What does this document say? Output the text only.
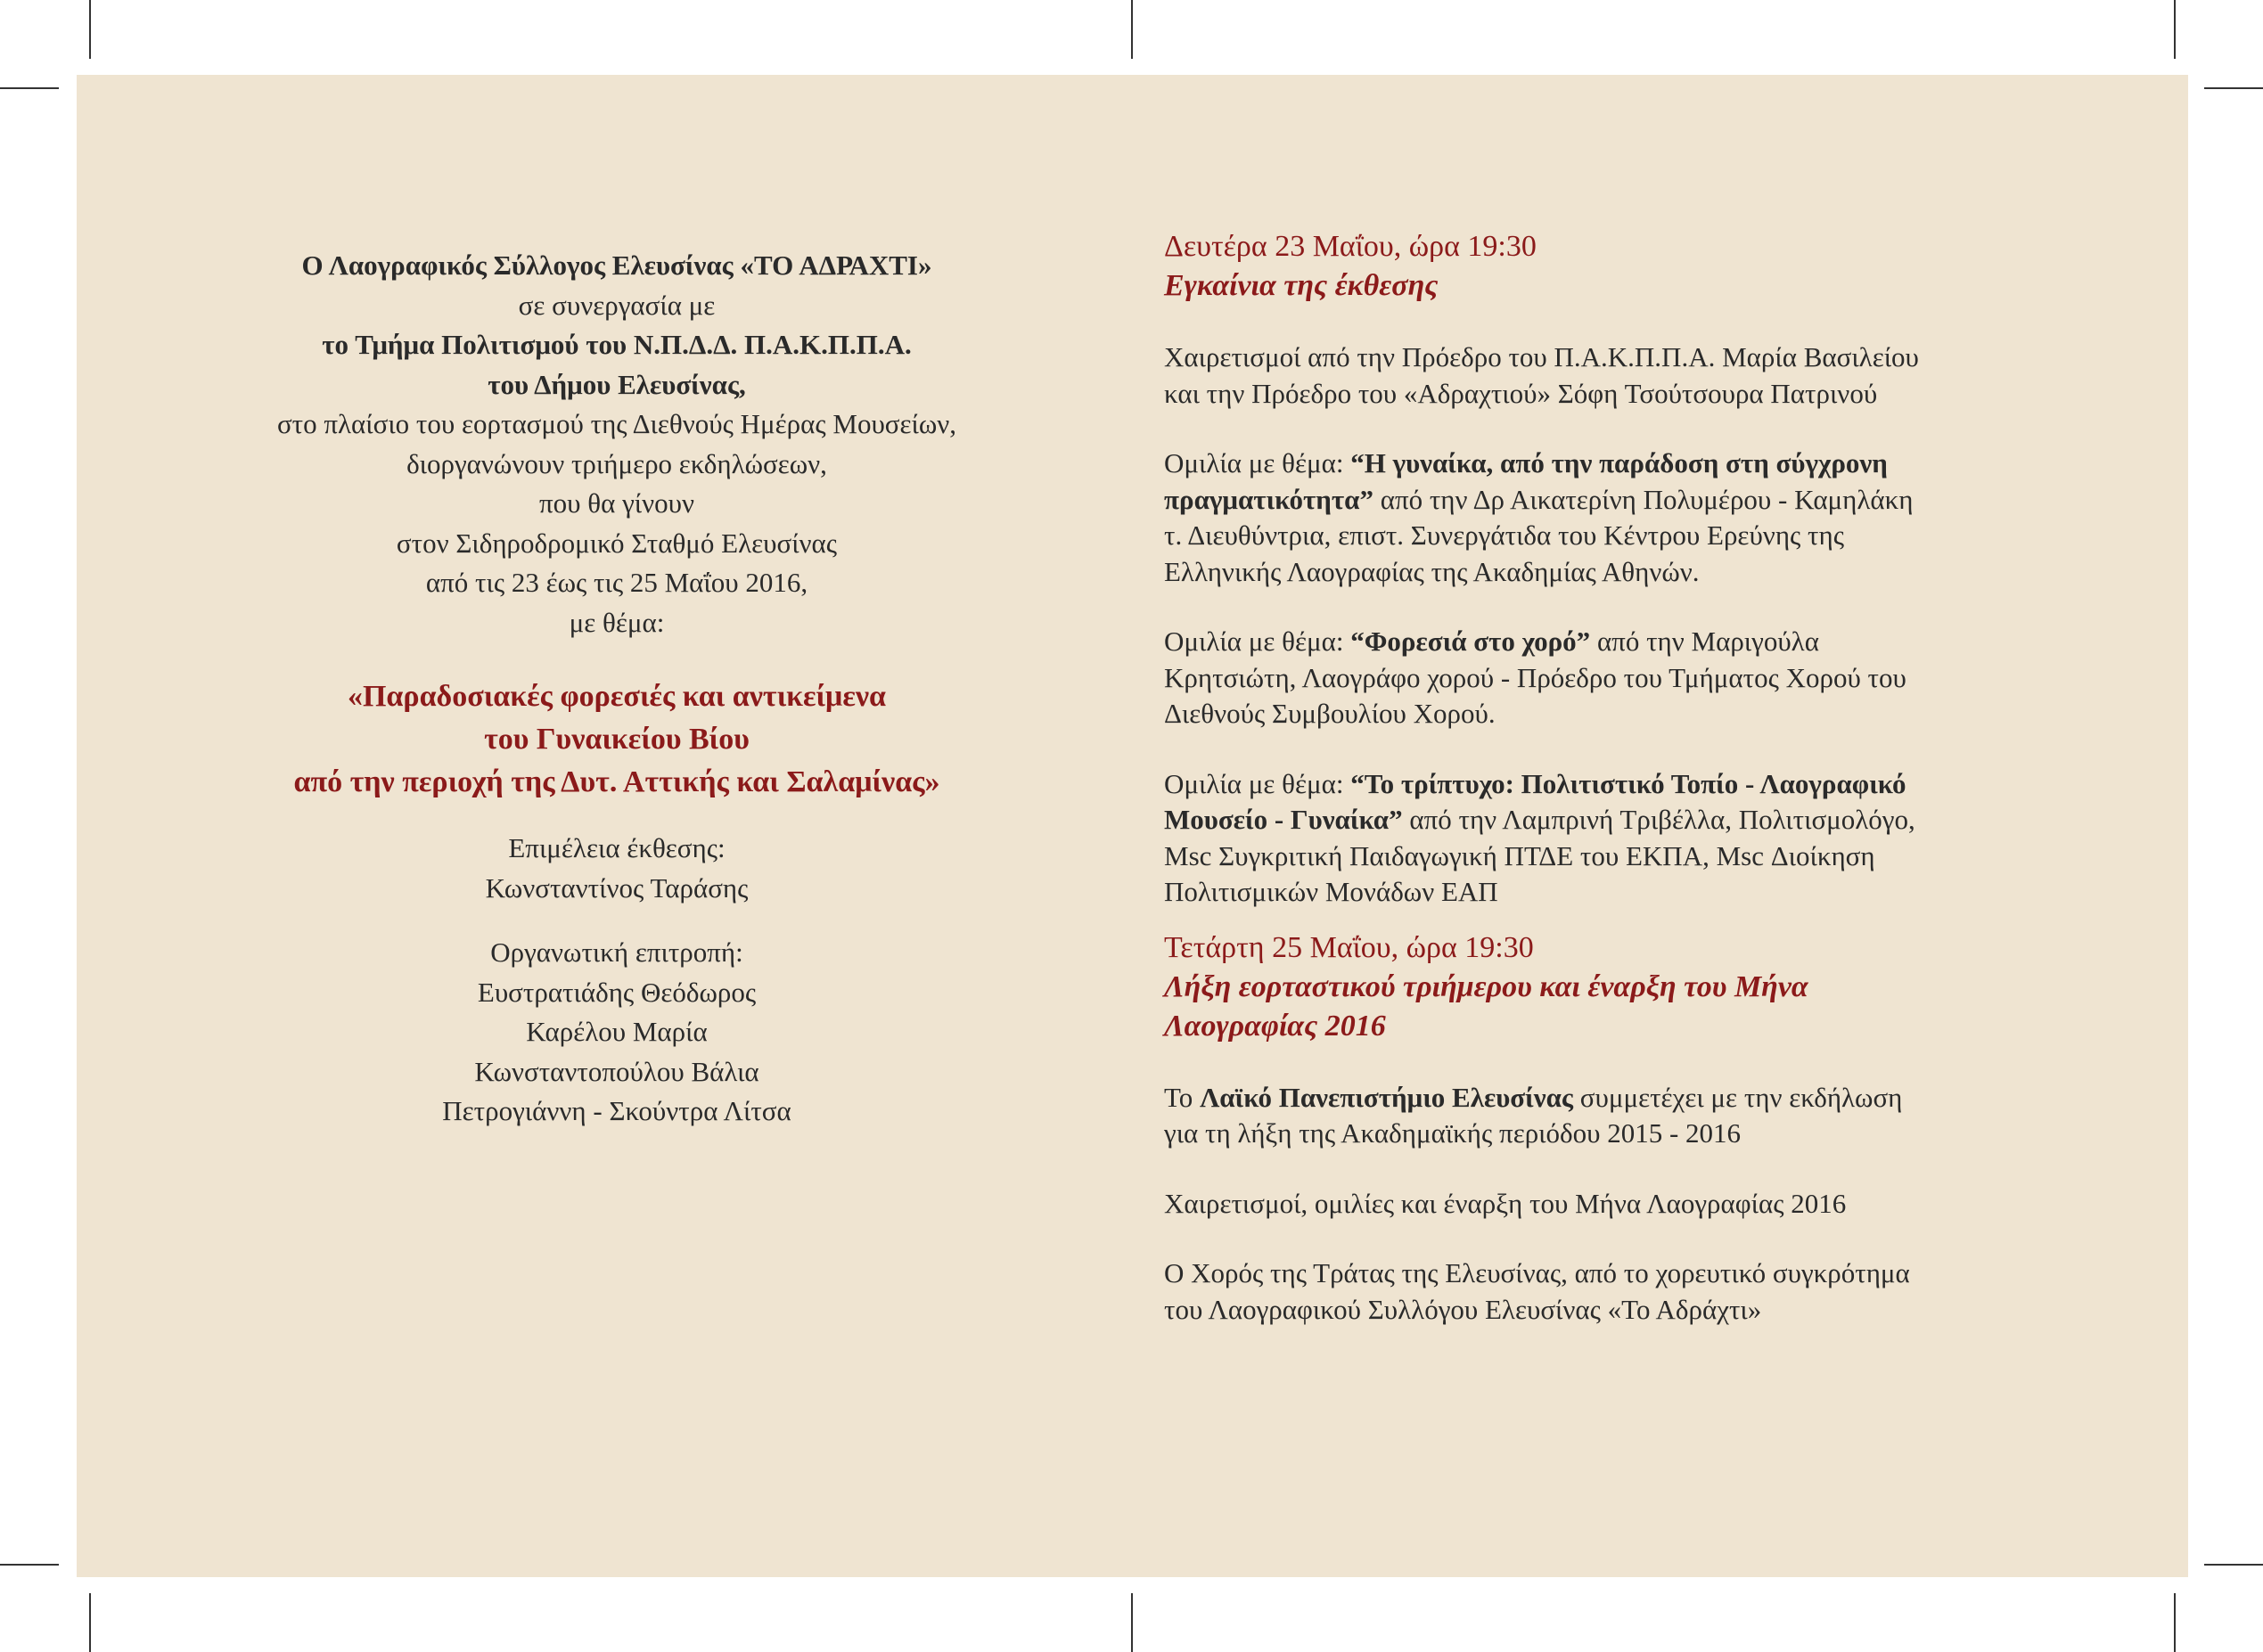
Ο Λαογραφικός Σύλλογος Ελευσίνας «ΤΟ ΑΔΡΑΧΤΙ»

σε συνεργασία με

το Τμήμα Πολιτισμού του Ν.Π.Δ.Δ. Π.Α.Κ.Π.Π.Α.

του Δήμου Ελευσίνας,

στο πλαίσιο του εορτασμού της Διεθνούς Ημέρας Μουσείων,

διοργανώνουν τριήμερο εκδηλώσεων,

που θα γίνουν

στον Σιδηροδρομικό Σταθμό Ελευσίνας

από τις 23 έως τις 25 Μαΐου 2016,

με θέμα:

«Παραδοσιακές φορεσιές και αντικείμενα

του Γυναικείου Βίου

από την περιοχή της Δυτ. Αττικής και Σαλαμίνας»

Επιμέλεια έκθεσης:

Κωνσταντίνος Ταράσης

Οργανωτική επιτροπή:

Ευστρατιάδης Θεόδωρος

Καρέλου Μαρία

Κωνσταντοπούλου Βάλια

Πετρογιάννη - Σκούντρα Λίτσα

Δευτέρα 23 Μαΐου, ώρα 19:30

Εγκαίνια της έκθεσης

Χαιρετισμοί από την Πρόεδρο του Π.Α.Κ.Π.Π.Α. Μαρία Βασιλείου
και την Πρόεδρο του «Αδραχτιού» Σόφη Τσούτσουρα Πατρινού

Ομιλία με θέμα: “Η γυναίκα, από την παράδοση στη σύγχρονη
πραγματικότητα” από την Δρ Αικατερίνη Πολυμέρου - Καμηλάκη
τ. Διευθύντρια, επιστ. Συνεργάτιδα του Κέντρου Ερεύνης της
Ελληνικής Λαογραφίας της Ακαδημίας Αθηνών.

Ομιλία με θέμα: “Φορεσιά στο χορό” από την Μαριγούλα
Κρητσιώτη, Λαογράφο χορού - Πρόεδρο του Τμήματος Χορού του
Διεθνούς Συμβουλίου Χορού.

Ομιλία με θέμα: “Το τρίπτυχο: Πολιτιστικό Τοπίο - Λαογραφικό
Μουσείο - Γυναίκα” από την Λαμπρινή Τριβέλλα, Πολιτισμολόγο,
Msc Συγκριτική Παιδαγωγική ΠΤΔΕ του ΕΚΠΑ, Msc Διοίκηση
Πολιτισμικών Μονάδων ΕΑΠ

Τετάρτη 25 Μαΐου, ώρα 19:30

Λήξη εορταστικού τριήμερου και έναρξη του Μήνα

Λαογραφίας 2016

Το Λαϊκό Πανεπιστήμιο Ελευσίνας συμμετέχει με την εκδήλωση
για τη λήξη της Ακαδημαϊκής περιόδου 2015 - 2016

Χαιρετισμοί, ομιλίες και έναρξη του Μήνα Λαογραφίας 2016

Ο Χορός της Τράτας της Ελευσίνας, από το χορευτικό συγκρότημα
του Λαογραφικού Συλλόγου Ελευσίνας «Το Αδράχτι»
